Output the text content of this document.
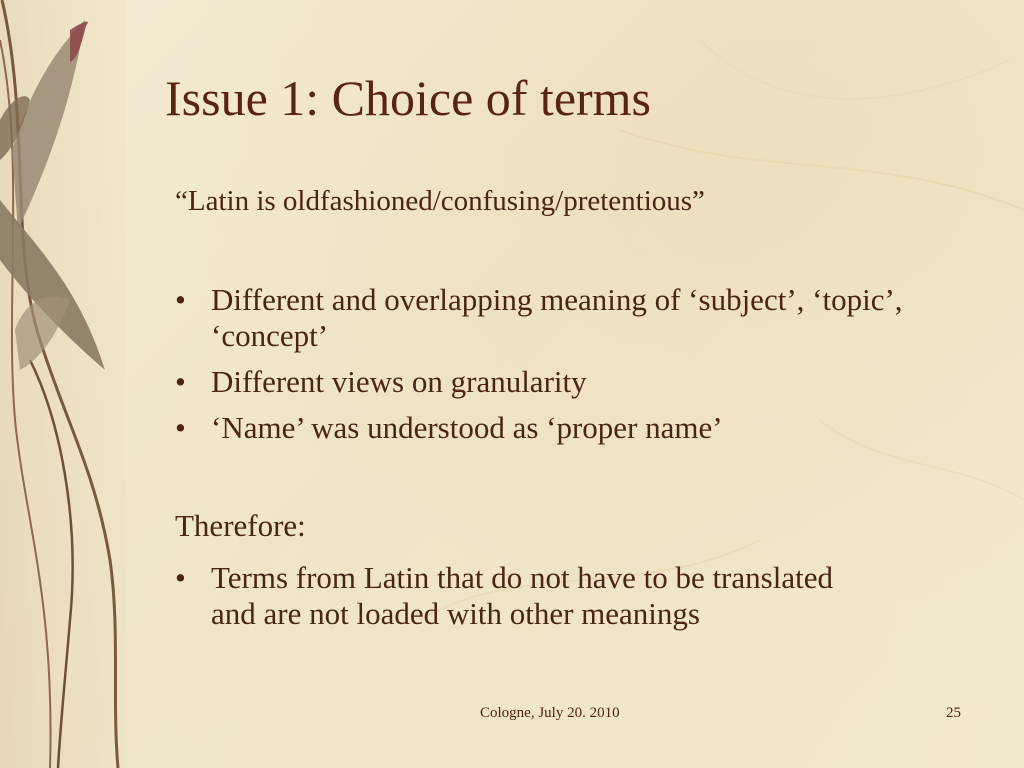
Issue 1: Choice of terms
“Latin is oldfashioned/confusing/pretentious”
• Different and overlapping meaning of ‘subject’, ‘topic’, ‘concept’
• Different views on granularity
• ‘Name’ was understood as ‘proper name’
Therefore:
• Terms from Latin that do not have to be translated and are not loaded with other meanings
Cologne, July 20. 2010	25
